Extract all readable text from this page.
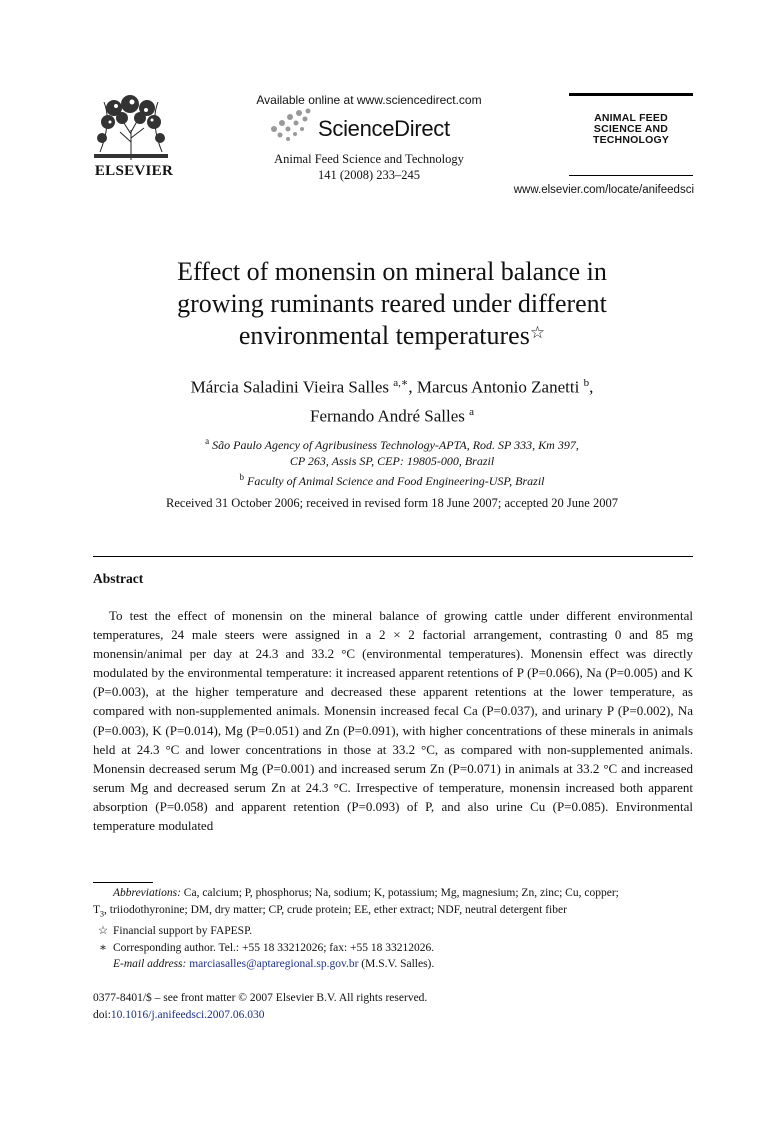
ELSEVIER
Available online at www.sciencedirect.com
ScienceDirect
Animal Feed Science and Technology
141 (2008) 233–245
ANIMAL FEED
SCIENCE AND
TECHNOLOGY
www.elsevier.com/locate/anifeedsci
Effect of monensin on mineral balance in
growing ruminants reared under different
environmental temperatures☆
Márcia Saladini Vieira Salles $^{a,∗}$, Marcus Antonio Zanetti $^b$,
Fernando André Salles $^a$
$^a$ São Paulo Agency of Agribusiness Technology-APTA, Rod. SP 333, Km 397,
CP 263, Assis SP, CEP: 19805-000, Brazil
$^b$ Faculty of Animal Science and Food Engineering-USP, Brazil
Received 31 October 2006; received in revised form 18 June 2007; accepted 20 June 2007
Abstract

To test the effect of monensin on the mineral balance of growing cattle under different environmental temperatures, 24 male steers were assigned in a 2 × 2 factorial arrangement, contrasting 0 and 85 mg monensin/animal per day at 24.3 and 33.2 °C (environmental temperatures). Monensin effect was directly modulated by the environmental temperature: it increased apparent retentions of P (P=0.066), Na (P=0.005) and K (P=0.003), at the higher temperature and decreased these apparent retentions at the lower temperature, as compared with non-supplemented animals. Monensin increased fecal Ca (P=0.037), and urinary P (P=0.002), Na (P=0.003), K (P=0.014), Mg (P=0.051) and Zn (P=0.091), with higher concentrations of these minerals in animals held at 24.3 °C and lower concentrations in those at 33.2 °C, as compared with non-supplemented animals. Monensin decreased serum Mg (P=0.001) and increased serum Zn (P=0.071) in animals at 33.2 °C and increased serum Mg and decreased serum Zn at 24.3 °C. Irrespective of temperature, monensin increased both apparent absorption (P=0.058) and apparent retention (P=0.093) of P, and also urine Cu (P=0.085). Environmental temperature modulated

Abbreviations: Ca, calcium; P, phosphorus; Na, sodium; K, potassium; Mg, magnesium; Zn, zinc; Cu, copper;
$T_3$, triiodothyronine; DM, dry matter; CP, crude protein; EE, ether extract; NDF, neutral detergent fiber
☆ Financial support by FAPESP.
∗ Corresponding author. Tel.: +55 18 33212026; fax: +55 18 33212026.
E-mail address: marciasalles@aptaregional.sp.gov.br (M.S.V. Salles).
0377-8401/$ – see front matter © 2007 Elsevier B.V. All rights reserved.
doi:10.1016/j.anifeedsci.2007.06.030
